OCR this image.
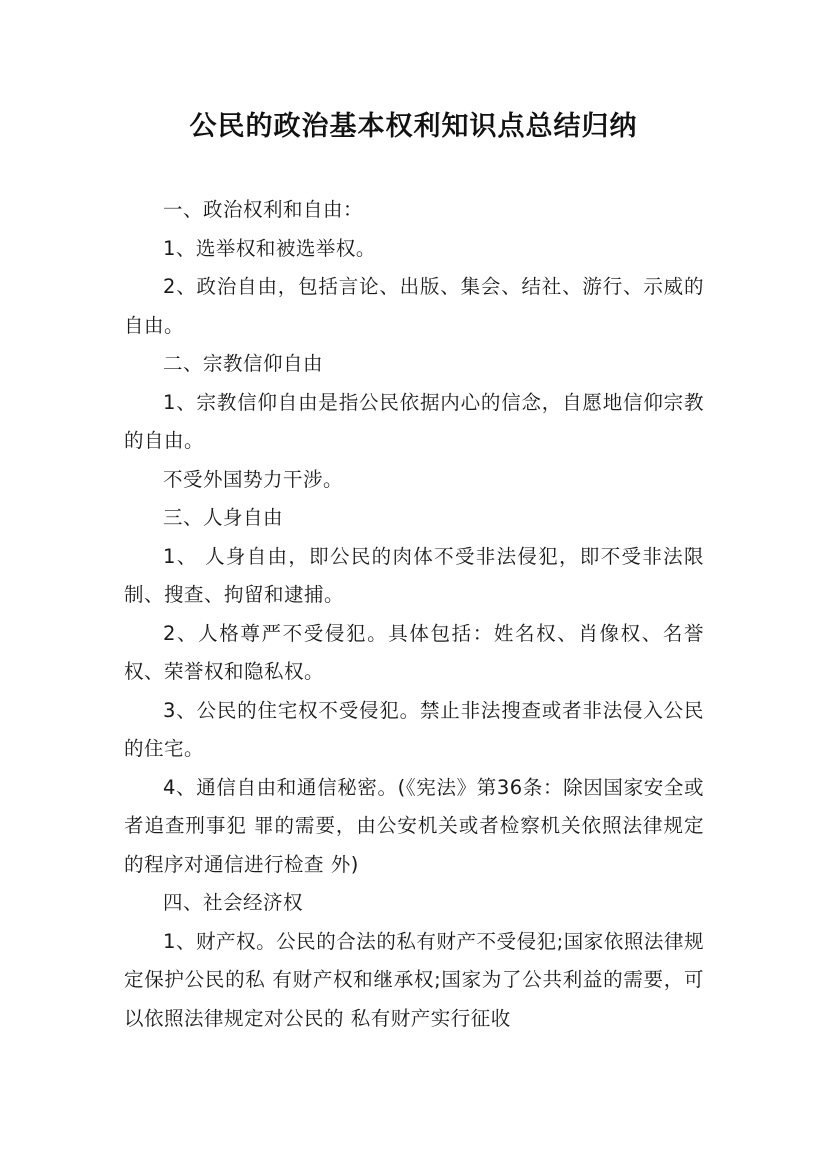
公民的政治基本权利知识点总结归纳

一、政治权利和自由：

1、选举权和被选举权。

2、政治自由，包括言论、出版、集会、结社、游行、示威的自由。

二、宗教信仰自由

1、宗教信仰自由是指公民依据内心的信念，自愿地信仰宗教的自由。

不受外国势力干涉。

三、人身自由

1、 人身自由，即公民的肉体不受非法侵犯，即不受非法限制、搜查、拘留和逮捕。

2、人格尊严不受侵犯。具体包括：姓名权、肖像权、名誉权、荣誉权和隐私权。

3、公民的住宅权不受侵犯。禁止非法搜查或者非法侵入公民的住宅。

4、通信自由和通信秘密。(《宪法》第36条：除因国家安全或者追查刑事犯 罪的需要，由公安机关或者检察机关依照法律规定的程序对通信进行检查 外)

四、社会经济权

1、财产权。公民的合法的私有财产不受侵犯;国家依照法律规定保护公民的私 有财产权和继承权;国家为了公共利益的需要，可以依照法律规定对公民的 私有财产实行征收
